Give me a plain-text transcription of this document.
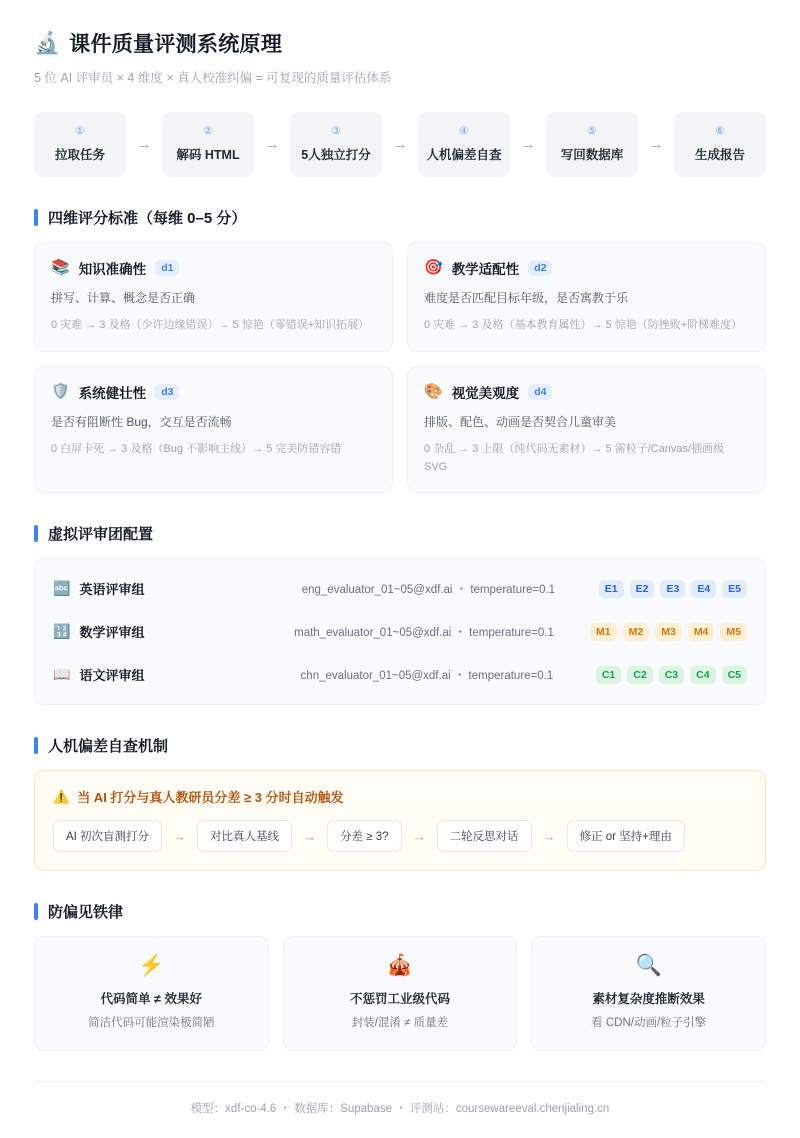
🔬 课件质量评测系统原理
5 位 AI 评审员 × 4 维度 × 真人校准纠偏 = 可复现的质量评估体系
①
拉取任务
→
②
解码 HTML
→
③
5人独立打分
→
④
人机偏差自查
→
⑤
写回数据库
→
⑥
生成报告
四维评分标准（每维 0–5 分）
📚 知识准确性	d1
拼写、计算、概念是否正确
0 灾难 → 3 及格（少许边缘错误）→ 5 惊艳（零错误+知识拓展）
🎯 教学适配性	d2
难度是否匹配目标年级，是否寓教于乐
0 灾难 → 3 及格（基本教育属性）→ 5 惊艳（防挫败+阶梯难度）
🛡️ 系统健壮性	d3
是否有阻断性 Bug，交互是否流畅
0 白屏卡死 → 3 及格（Bug 不影响主线）→ 5 完美防错容错
🎨 视觉美观度	d4
排版、配色、动画是否契合儿童审美
0 杂乱 → 3 上限（纯代码无素材）→ 5 需粒子/Canvas/插画级 SVG
虚拟评审团配置
🔤 英语评审组	eng_evaluator_01~05@xdf.ai ・ temperature=0.1	E1	E2	E3	E4	E5
🔢 数学评审组	math_evaluator_01~05@xdf.ai ・ temperature=0.1	M1	M2	M3	M4	M5
📖 语文评审组	chn_evaluator_01~05@xdf.ai ・ temperature=0.1	C1	C2	C3	C4	C5
人机偏差自查机制
⚠️ 当 AI 打分与真人教研员分差 ≥ 3 分时自动触发
AI 初次盲测打分	→	对比真人基线	→	分差 ≥ 3?	→	二轮反思对话	→	修正 or 坚持+理由
防偏见铁律
⚡
代码简单 ≠ 效果好
简洁代码可能渲染极简陋
🎪
不惩罚工业级代码
封装/混淆 ≠ 质量差
🔍
素材复杂度推断效果
看 CDN/动画/粒子引擎
模型：xdf-co-4.6 ・ 数据库：Supabase ・ 评测站：coursewareeval.chenjialing.cn
